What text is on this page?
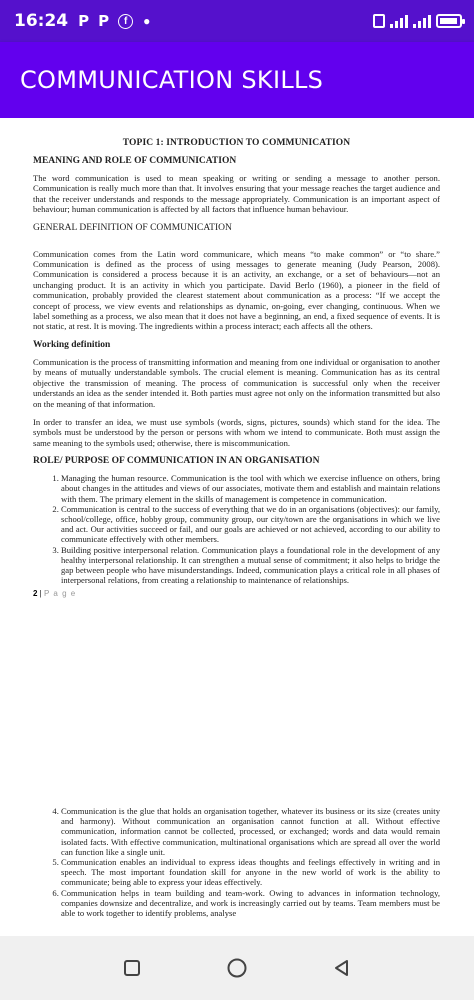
16:24 P P	f	●
COMMUNICATION SKILLS
TOPIC 1: INTRODUCTION TO COMMUNICATION
MEANING AND ROLE OF COMMUNICATION
The word communication is used to mean speaking or writing or sending a message to another person. Communication is really much more than that. It involves ensuring that your message reaches the target audience and that the receiver understands and responds to the message appropriately. Communication is an important aspect of behaviour; human communication is affected by all factors that influence human behaviour.
GENERAL DEFINITION OF COMMUNICATION
Communication comes from the Latin word communicare, which means “to make common” or “to share.” Communication is defined as the process of using messages to generate meaning (Judy Pearson, 2008). Communication is considered a process because it is an activity, an exchange, or a set of behaviours—not an unchanging product. It is an activity in which you participate. David Berlo (1960), a pioneer in the field of communication, probably provided the clearest statement about communication as a process: “If we accept the concept of process, we view events and relationships as dynamic, on-going, ever changing, continuous. When we label something as a process, we also mean that it does not have a beginning, an end, a fixed sequence of events. It is not static, at rest. It is moving. The ingredients within a process interact; each affects all the others.
Working definition
Communication is the process of transmitting information and meaning from one individual or organisation to another by means of mutually understandable symbols. The crucial element is meaning. Communication has as its central objective the transmission of meaning. The process of communication is successful only when the receiver understands an idea as the sender intended it. Both parties must agree not only on the information transmitted but also on the meaning of that information.
In order to transfer an idea, we must use symbols (words, signs, pictures, sounds) which stand for the idea. The symbols must be understood by the person or persons with whom we intend to communicate. Both must assign the same meaning to the symbols used; otherwise, there is miscommunication.
ROLE/ PURPOSE OF COMMUNICATION IN AN ORGANISATION
1. Managing the human resource. Communication is the tool with which we exercise influence on others, bring about changes in the attitudes and views of our associates, motivate them and establish and maintain relations with them. The primary element in the skills of management is competence in communication.
2. Communication is central to the success of everything that we do in an organisations (objectives): our family, school/college, office, hobby group, community group, our city/town are the organisations in which we live and act. Our activities succeed or fail, and our goals are achieved or not achieved, according to our ability to communicate effectively with other members.
3. Building positive interpersonal relation. Communication plays a foundational role in the development of any healthy interpersonal relationship. It can strengthen a mutual sense of commitment; it also helps to bridge the gap between people who have misunderstandings. Indeed, communication plays a critical role in all phases of interpersonal relations, from creating a relationship to maintenance of relationships.
2 | P a g e
4. Communication is the glue that holds an organisation together, whatever its business or its size (creates unity and harmony). Without communication an organisation cannot function at all. Without effective communication, information cannot be collected, processed, or exchanged; words and data would remain isolated facts. With effective communication, multinational organisations which are spread all over the world can function like a single unit.
5. Communication enables an individual to express ideas thoughts and feelings effectively in writing and in speech. The most important foundation skill for anyone in the new world of work is the ability to communicate; being able to express your ideas effectively.
6. Communication helps in team building and team-work. Owing to advances in information technology, companies downsize and decentralize, and work is increasingly carried out by teams. Team members must be able to work together to identify problems, analyse
